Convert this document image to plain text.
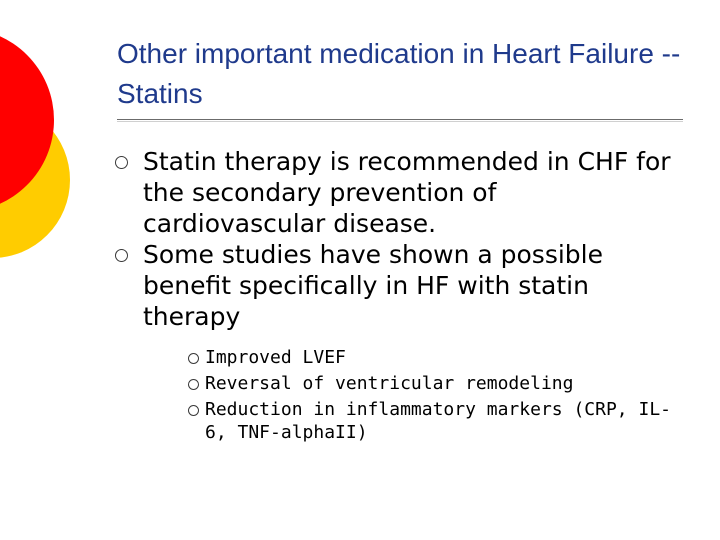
Other important medication in Heart Failure -- Statins
Statin therapy is recommended in CHF for the secondary prevention of cardiovascular disease.
Some studies have shown a possible benefit specifically in HF with statin therapy
Improved LVEF
Reversal of ventricular remodeling
Reduction in inflammatory markers (CRP, IL-6, TNF-alphaII)
